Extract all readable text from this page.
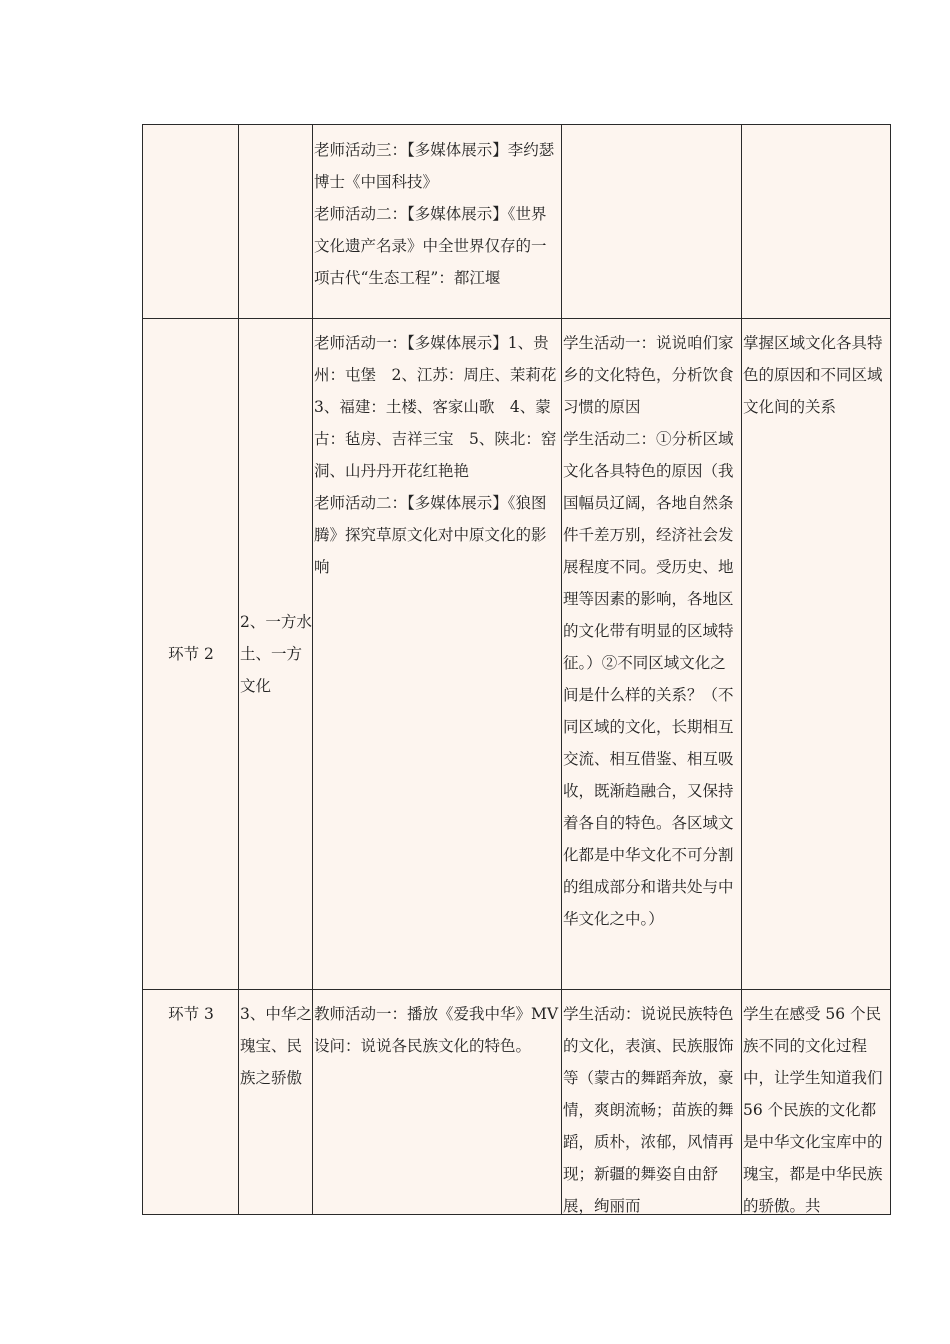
		老师活动三：【多媒体展示】李约瑟博士《中国科技》
老师活动二：【多媒体展示】《世界文化遗产名录》中全世界仅存的一项古代“生态工程”：都江堰		

环节 2	2、一方水土、一方文化	老师活动一：【多媒体展示】1、贵州：屯堡　2、江苏：周庄、茉莉花 3、福建：土楼、客家山歌　4、蒙古：毡房、吉祥三宝　5、陕北：窑洞、山丹丹开花红艳艳
老师活动二：【多媒体展示】《狼图腾》探究草原文化对中原文化的影响	学生活动一：说说咱们家乡的文化特色，分析饮食习惯的原因
学生活动二：①分析区域文化各具特色的原因（我国幅员辽阔，各地自然条件千差万别，经济社会发展程度不同。受历史、地理等因素的影响，各地区的文化带有明显的区域特征。）②不同区域文化之间是什么样的关系？（不同区域的文化，长期相互交流、相互借鉴、相互吸收，既渐趋融合，又保持着各自的特色。各区域文化都是中华文化不可分割的组成部分和谐共处与中华文化之中。）	掌握区域文化各具特色的原因和不同区域文化间的关系

环节 3	3、中华之瑰宝、民族之骄傲	教师活动一：播放《爱我中华》MV 设问：说说各民族文化的特色。	学生活动：说说民族特色的文化，表演、民族服饰等（蒙古的舞蹈奔放，豪情，爽朗流畅；苗族的舞蹈，质朴，浓郁，风情再现；新疆的舞姿自由舒展，绚丽而	学生在感受 56 个民族不同的文化过程中，让学生知道我们 56 个民族的文化都是中华文化宝库中的瑰宝，都是中华民族的骄傲。共
